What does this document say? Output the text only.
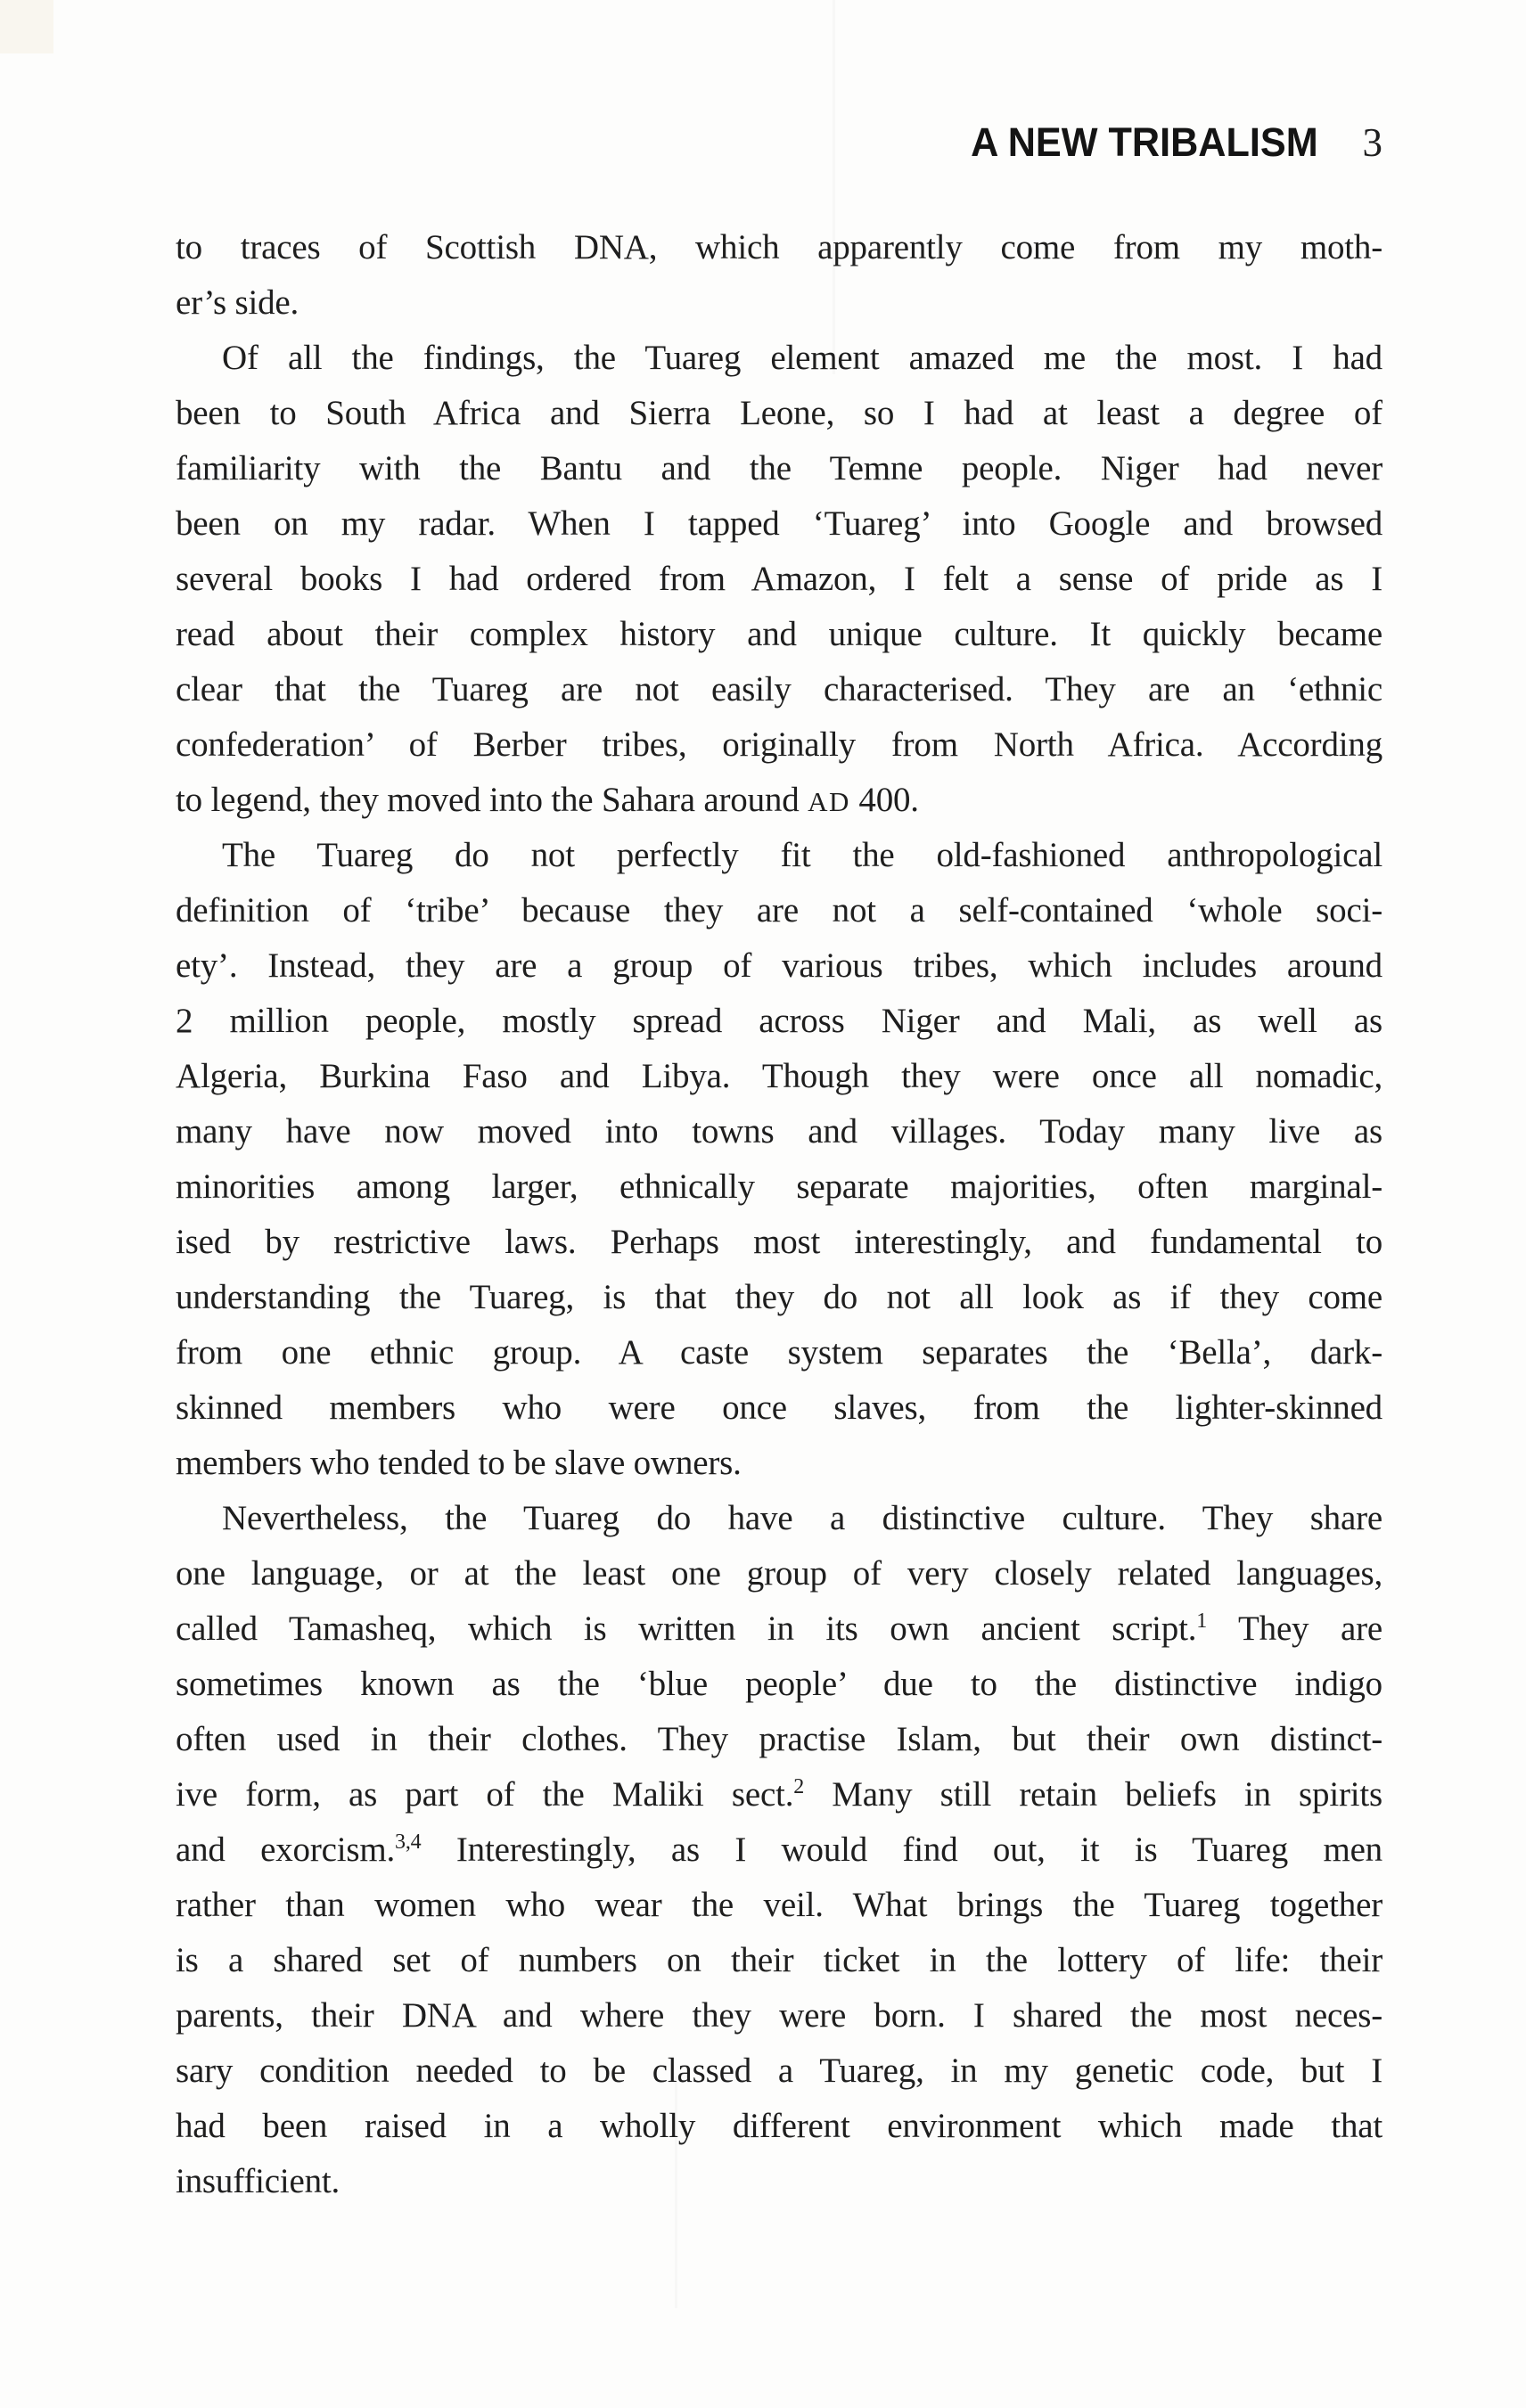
A NEW TRIBALISM 3
to traces of Scottish DNA, which apparently come from my moth-
er’s side.
Of all the findings, the Tuareg element amazed me the most. I had
been to South Africa and Sierra Leone, so I had at least a degree of
familiarity with the Bantu and the Temne people. Niger had never
been on my radar. When I tapped ‘Tuareg’ into Google and browsed
several books I had ordered from Amazon, I felt a sense of pride as I
read about their complex history and unique culture. It quickly became
clear that the Tuareg are not easily characterised. They are an ‘ethnic
confederation’ of Berber tribes, originally from North Africa. According
to legend, they moved into the Sahara around AD 400.
The Tuareg do not perfectly fit the old-fashioned anthropological
definition of ‘tribe’ because they are not a self-contained ‘whole soci-
ety’. Instead, they are a group of various tribes, which includes around
2 million people, mostly spread across Niger and Mali, as well as
Algeria, Burkina Faso and Libya. Though they were once all nomadic,
many have now moved into towns and villages. Today many live as
minorities among larger, ethnically separate majorities, often marginal-
ised by restrictive laws. Perhaps most interestingly, and fundamental to
understanding the Tuareg, is that they do not all look as if they come
from one ethnic group. A caste system separates the ‘Bella’, dark-
skinned members who were once slaves, from the lighter-skinned
members who tended to be slave owners.
Nevertheless, the Tuareg do have a distinctive culture. They share
one language, or at the least one group of very closely related languages,
called Tamasheq, which is written in its own ancient script.$^1$ They are
sometimes known as the ‘blue people’ due to the distinctive indigo
often used in their clothes. They practise Islam, but their own distinct-
ive form, as part of the Maliki sect.$^2$ Many still retain beliefs in spirits
and exorcism.$^{3,4}$ Interestingly, as I would find out, it is Tuareg men
rather than women who wear the veil. What brings the Tuareg together
is a shared set of numbers on their ticket in the lottery of life: their
parents, their DNA and where they were born. I shared the most neces-
sary condition needed to be classed a Tuareg, in my genetic code, but I
had been raised in a wholly different environment which made that
insufficient.
